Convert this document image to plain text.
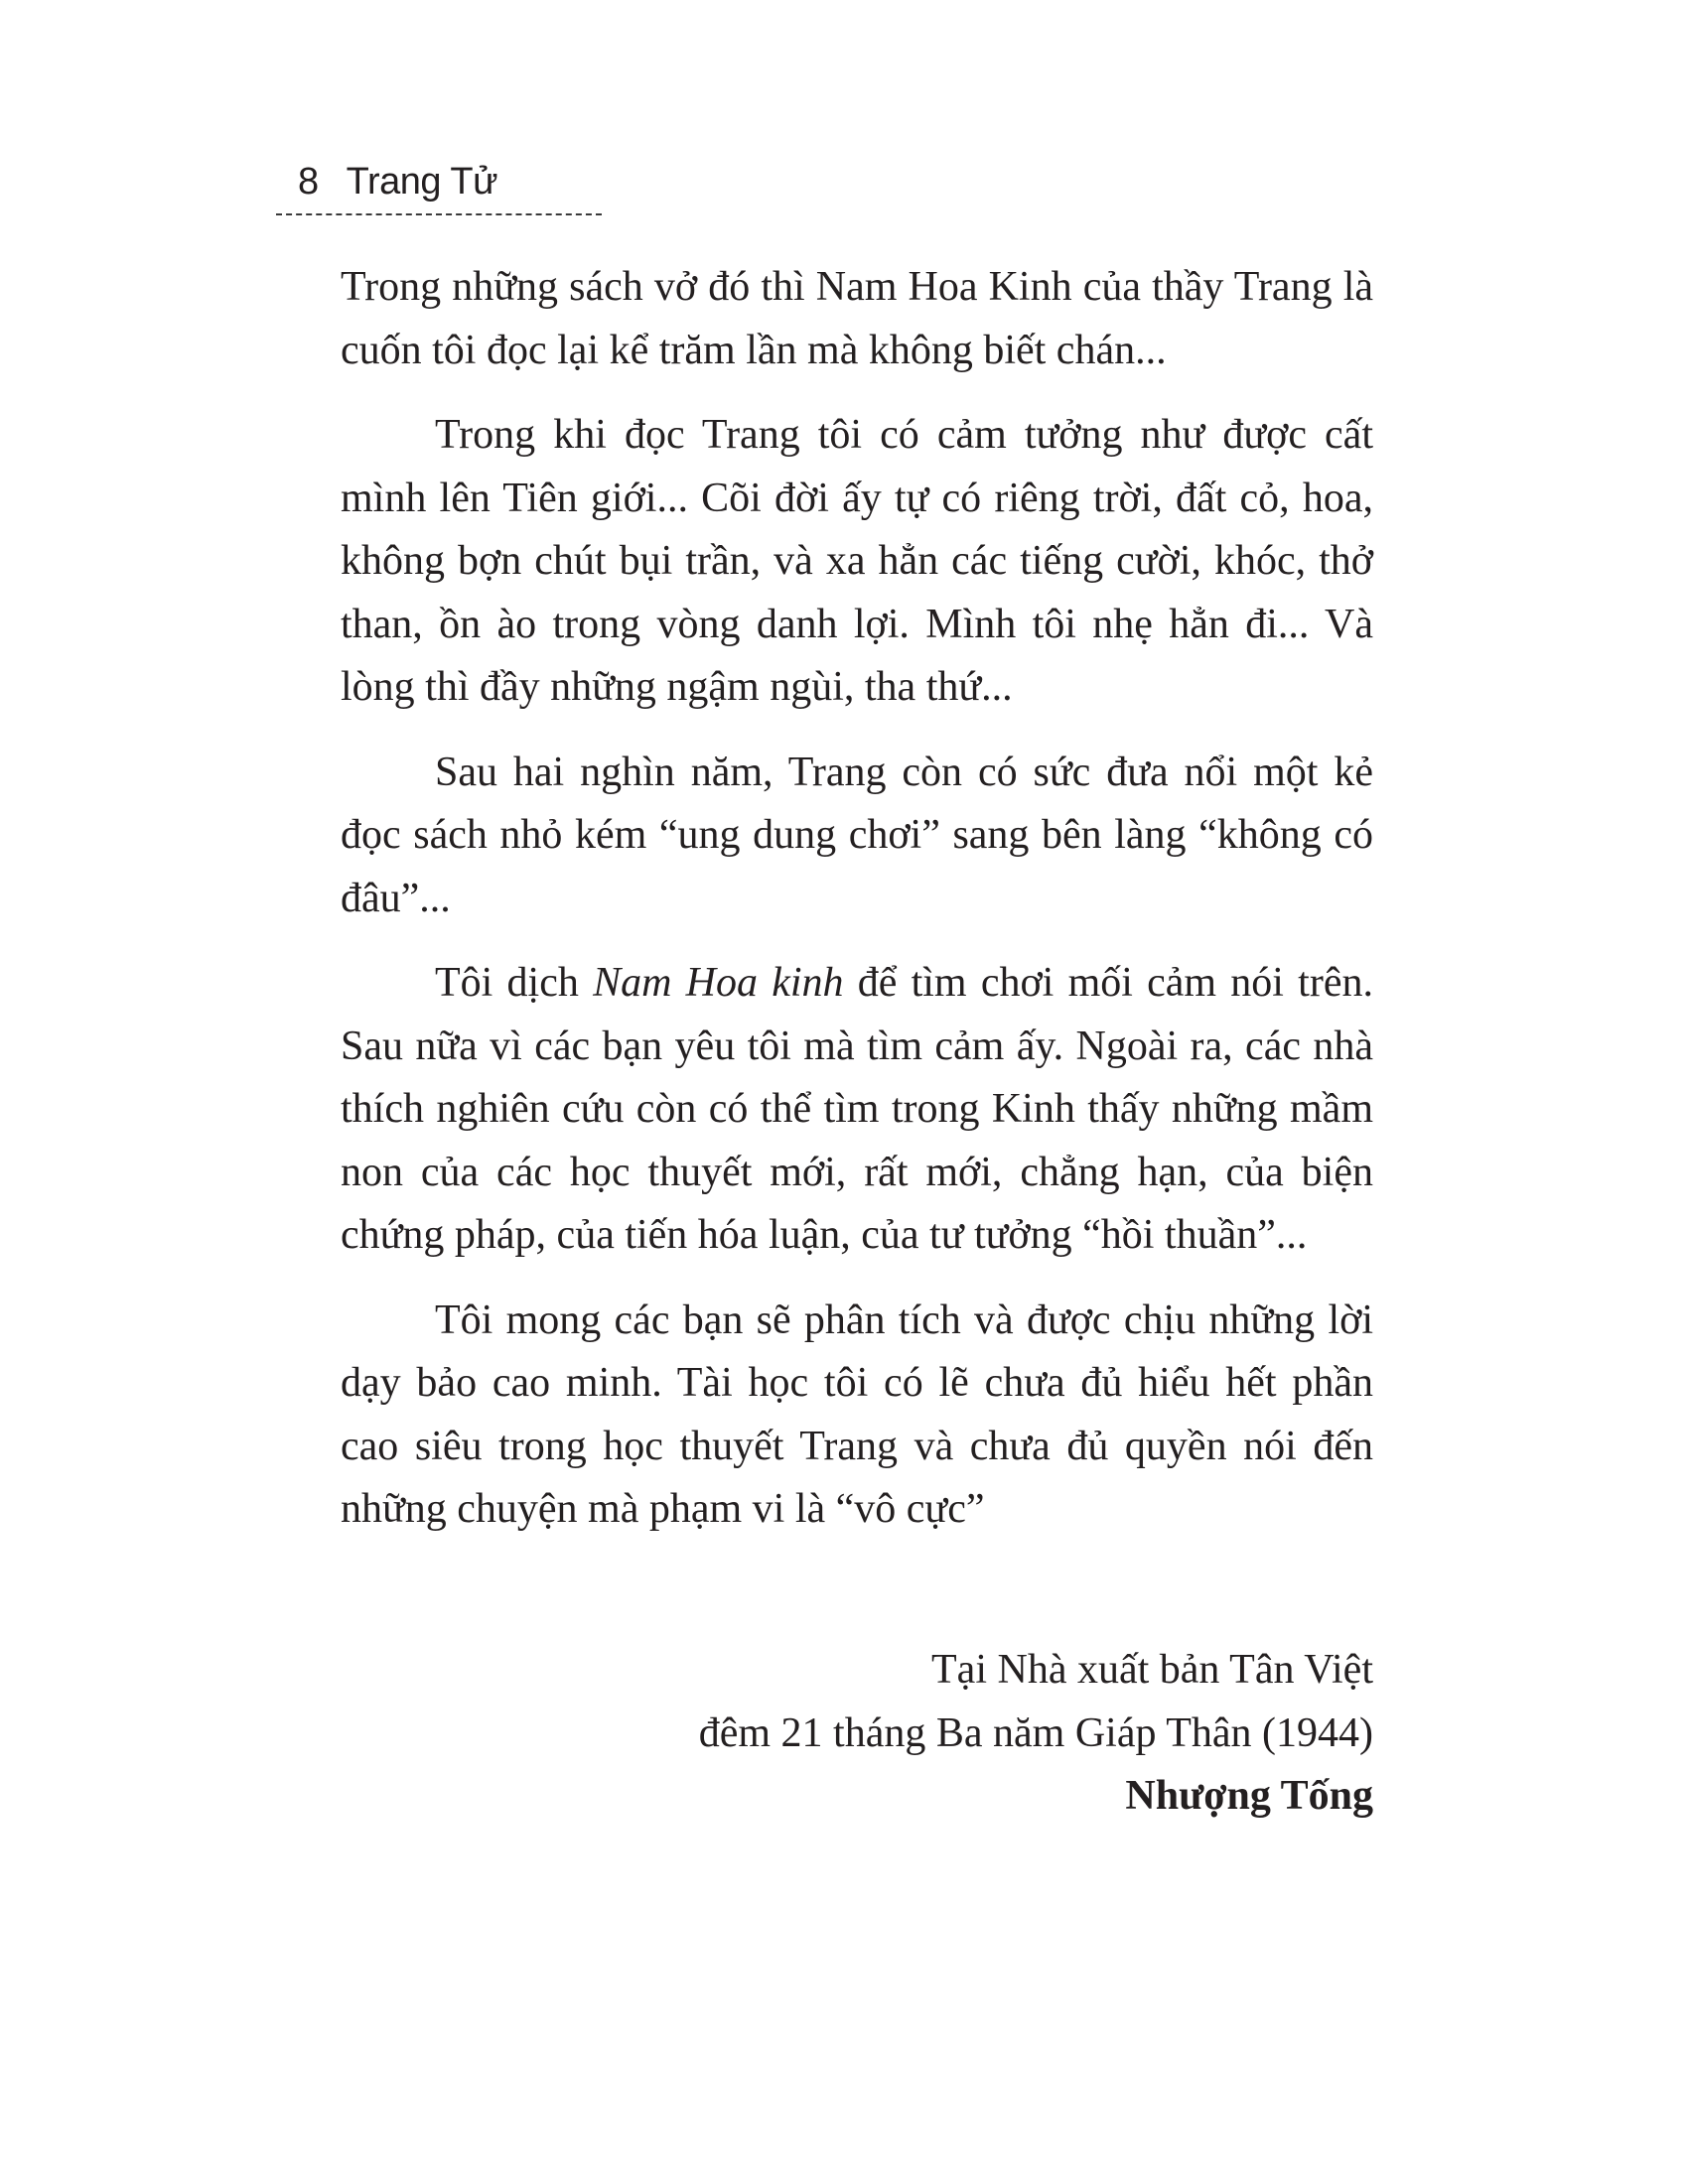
8 Trang Tử

Trong những sách vở đó thì Nam Hoa Kinh của thầy Trang là cuốn tôi đọc lại kể trăm lần mà không biết chán...

Trong khi đọc Trang tôi có cảm tưởng như được cất mình lên Tiên giới... Cõi đời ấy tự có riêng trời, đất cỏ, hoa, không bợn chút bụi trần, và xa hẳn các tiếng cười, khóc, thở than, ồn ào trong vòng danh lợi. Mình tôi nhẹ hẳn đi... Và lòng thì đầy những ngậm ngùi, tha thứ...

Sau hai nghìn năm, Trang còn có sức đưa nổi một kẻ đọc sách nhỏ kém “ung dung chơi” sang bên làng “không có đâu”...

Tôi dịch Nam Hoa kinh để tìm chơi mối cảm nói trên. Sau nữa vì các bạn yêu tôi mà tìm cảm ấy. Ngoài ra, các nhà thích nghiên cứu còn có thể tìm trong Kinh thấy những mầm non của các học thuyết mới, rất mới, chẳng hạn, của biện chứng pháp, của tiến hóa luận, của tư tưởng “hồi thuần”...

Tôi mong các bạn sẽ phân tích và được chịu những lời dạy bảo cao minh. Tài học tôi có lẽ chưa đủ hiểu hết phần cao siêu trong học thuyết Trang và chưa đủ quyền nói đến những chuyện mà phạm vi là “vô cực”

Tại Nhà xuất bản Tân Việt
đêm 21 tháng Ba năm Giáp Thân (1944)
Nhượng Tống
